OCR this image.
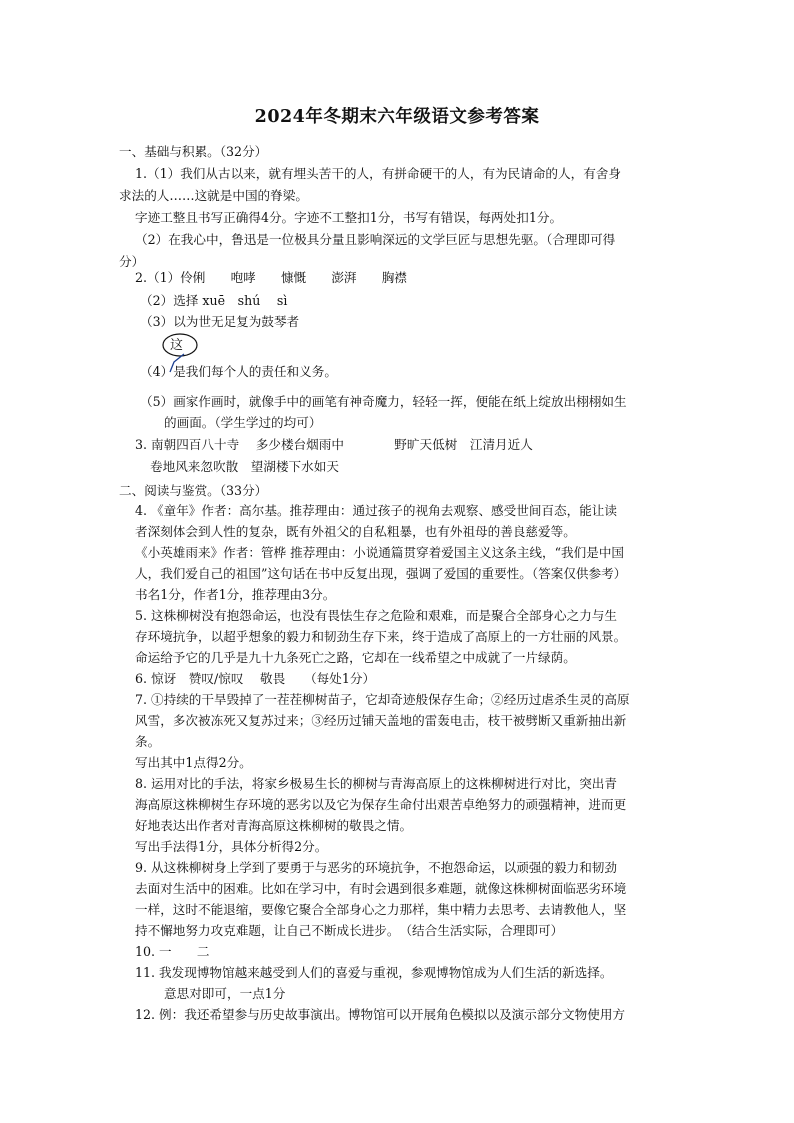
2024年冬期末六年级语文参考答案
一、基础与积累。（32分）
1.（1）我们从古以来，就有埋头苦干的人，有拼命硬干的人，有为民请命的人，有舍身
求法的人……这就是中国的脊梁。
字迹工整且书写正确得4分。字迹不工整扣1分，书写有错误，每两处扣1分。
（2）在我心中，鲁迅是一位极具分量且影响深远的文学巨匠与思想先驱。（合理即可得
分）
2.（1）伶俐　　咆哮　　慷慨　　澎湃　　胸襟
（2）选择 xuē　shú　 sì
（3）以为世无足复为鼓琴者
这
（4）是我们每个人的责任和义务。
（5）画家作画时，就像手中的画笔有神奇魔力，轻轻一挥，便能在纸上绽放出栩栩如生
的画面。（学生学过的均可）
3. 南朝四百八十寺　 多少楼台烟雨中　　　　野旷天低树　江清月近人
卷地风来忽吹散　望湖楼下水如天
二、阅读与鉴赏。（33分）
4. 《童年》作者：高尔基。推荐理由：通过孩子的视角去观察、感受世间百态，能让读
者深刻体会到人性的复杂，既有外祖父的自私粗暴，也有外祖母的善良慈爱等。
《小英雄雨来》作者：管桦 推荐理由：小说通篇贯穿着爱国主义这条主线，“我们是中国
人，我们爱自己的祖国”这句话在书中反复出现，强调了爱国的重要性。（答案仅供参考）
书名1分，作者1分，推荐理由3分。
5. 这株柳树没有抱怨命运，也没有畏怯生存之危险和艰难，而是聚合全部身心之力与生
存环境抗争，以超乎想象的毅力和韧劲生存下来，终于造成了高原上的一方壮丽的风景。
命运给予它的几乎是九十九条死亡之路，它却在一线希望之中成就了一片绿荫。
6. 惊讶　赞叹/惊叹　 敬畏　　（每处1分）
7. ①持续的干旱毁掉了一茬茬柳树苗子，它却奇迹般保存生命；②经历过虐杀生灵的高原
风雪，多次被冻死又复苏过来；③经历过铺天盖地的雷轰电击，枝干被劈断又重新抽出新
条。
写出其中1点得2分。
8. 运用对比的手法，将家乡极易生长的柳树与青海高原上的这株柳树进行对比，突出青
海高原这株柳树生存环境的恶劣以及它为保存生命付出艰苦卓绝努力的顽强精神，进而更
好地表达出作者对青海高原这株柳树的敬畏之情。
写出手法得1分，具体分析得2分。
9. 从这株柳树身上学到了要勇于与恶劣的环境抗争，不抱怨命运，以顽强的毅力和韧劲
去面对生活中的困难。比如在学习中，有时会遇到很多难题，就像这株柳树面临恶劣环境
一样，这时不能退缩，要像它聚合全部身心之力那样，集中精力去思考、去请教他人，坚
持不懈地努力攻克难题，让自己不断成长进步。　（结合生活实际，合理即可）
10. 一　　二
11. 我发现博物馆越来越受到人们的喜爱与重视，参观博物馆成为人们生活的新选择。
意思对即可，一点1分
12. 例：我还希望参与历史故事演出。博物馆可以开展角色模拟以及演示部分文物使用方
